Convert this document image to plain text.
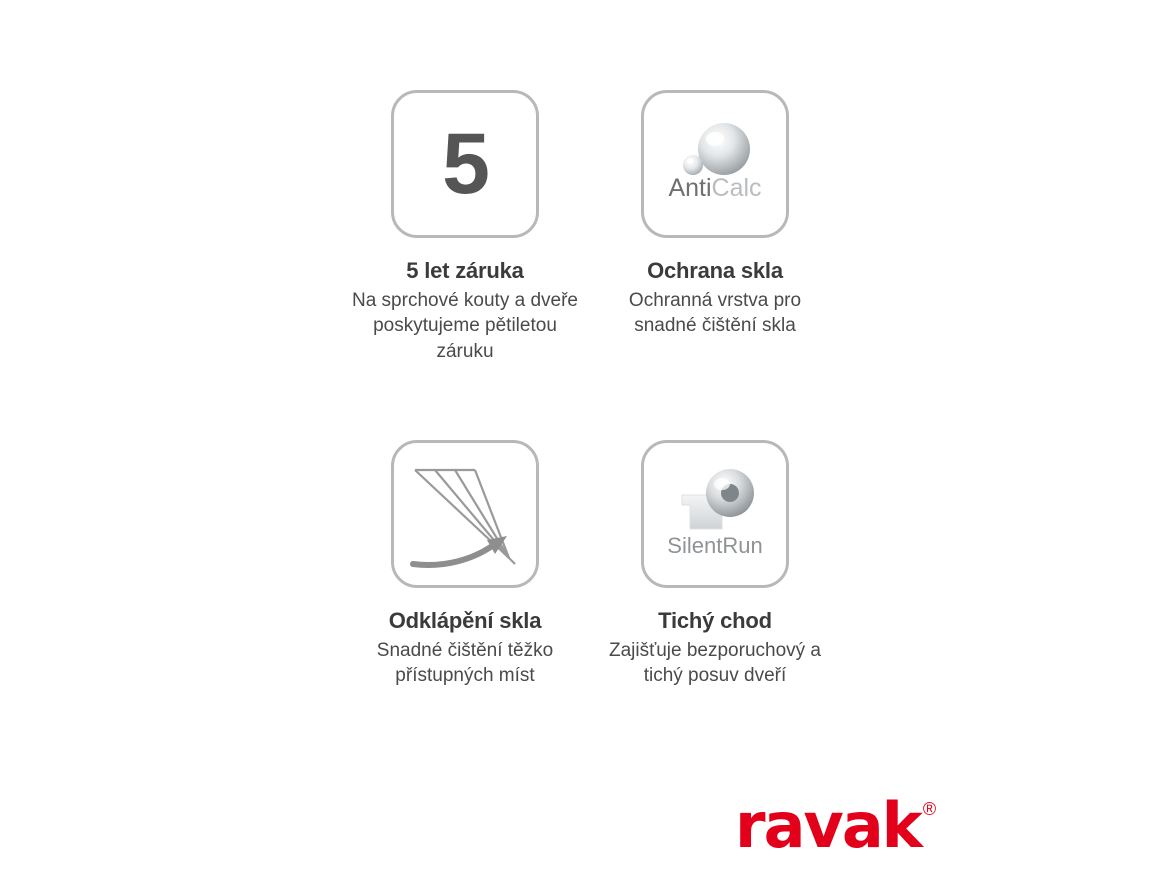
5
5 let záruka
Na sprchové kouty a dveře poskytujeme pětiletou záruku
AntiCalc
Ochrana skla
Ochranná vrstva pro snadné čištění skla
Odklápění skla
Snadné čištění těžko přístupných míst
SilentRun
Tichý chod
Zajišťuje bezporuchový a tichý posuv dveří
ravak ®
